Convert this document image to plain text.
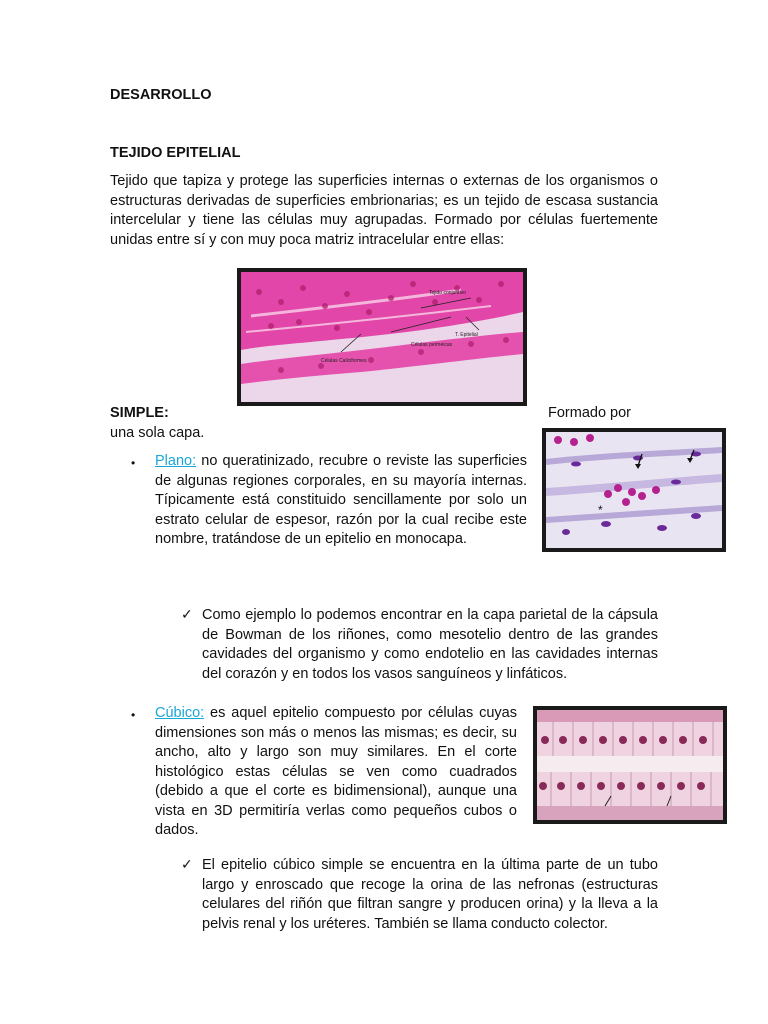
DESARROLLO

TEJIDO EPITELIAL

Tejido que tapiza y protege las superficies internas o externas de los organismos o estructuras derivadas de superficies embrionarias; es un tejido de escasa sustancia intercelular y tiene las células muy agrupadas. Formado por células fuertemente unidas entre sí y con muy poca matriz intracelular entre ellas:

Tejido conjuntivo
T. Epitelial
Células permeicas
Células Caliciformes

SIMPLE:	Formado por

una sola capa.

*
• Plano: no queratinizado, recubre o reviste las superficies de algunas regiones corporales, en su mayoría internas. Típicamente está constituido sencillamente por solo un estrato celular de espesor, razón por la cual recibe este nombre, tratándose de un epitelio en monocapa.

✓ Como ejemplo lo podemos encontrar en la capa parietal de la cápsula de Bowman de los riñones, como mesotelio dentro de las grandes cavidades del organismo y como endotelio en las cavidades internas del corazón y en todos los vasos sanguíneos y linfáticos.

• Cúbico: es aquel epitelio compuesto por células cuyas dimensiones son más o menos las mismas; es decir, su ancho, alto y largo son muy similares. En el corte histológico estas células se ven como cuadrados (debido a que el corte es bidimensional), aunque una vista en 3D permitiría verlas como pequeños cubos o dados.

✓ El epitelio cúbico simple se encuentra en la última parte de un tubo largo y enroscado que recoge la orina de las nefronas (estructuras celulares del riñón que filtran sangre y producen orina) y la lleva a la pelvis renal y los uréteres. También se llama conducto colector.
